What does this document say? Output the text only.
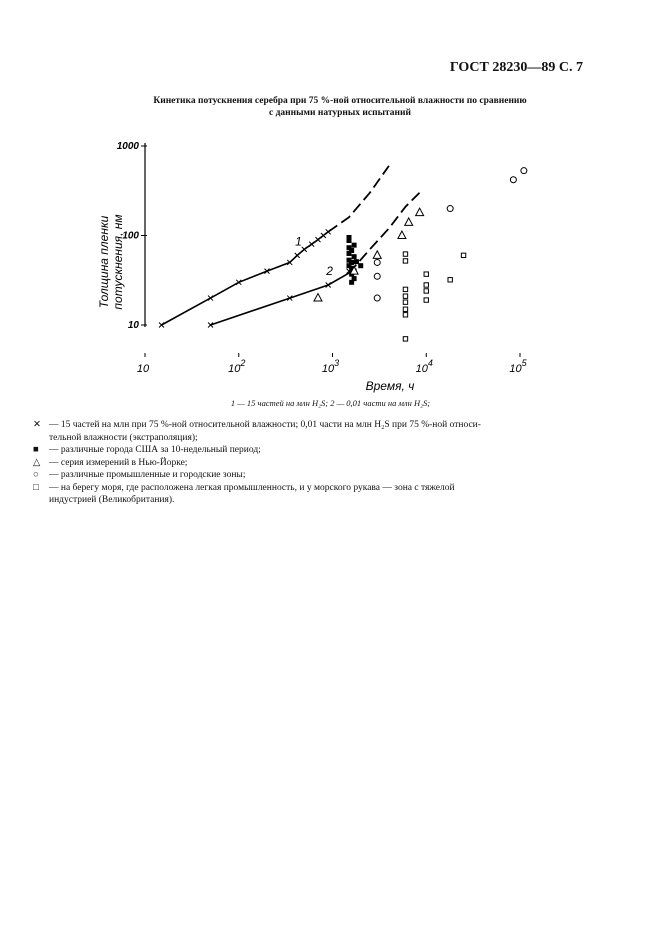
ГОСТ 28230—89 С. 7
Кинетика потускнения серебра при 75 %-ной относительной влажности по сравнению
с данными натурных испытаний
10
100
1000
10	$10^2$	$10^3$	$10^4$	$10^5$
Время, ч
Толщина пленки потускнения, нм	1
2
1 — 15 частей на млн H₂S; 2 — 0,01 части на млн H₂S;
✕ — 15 частей на млн при 75 %-ной относительной влажности; 0,01 части на млн H₂S при 75 %-ной относи-
тельной влажности (экстраполяция);
■	— различные города США за 10-недельный период;
△ — серия измерений в Нью-Йорке;
○	— различные промышленные и городские зоны;
□	— на берегу моря, где расположена легкая промышленность, и у морского рукава — зона с тяжелой
индустрией (Великобритания).
